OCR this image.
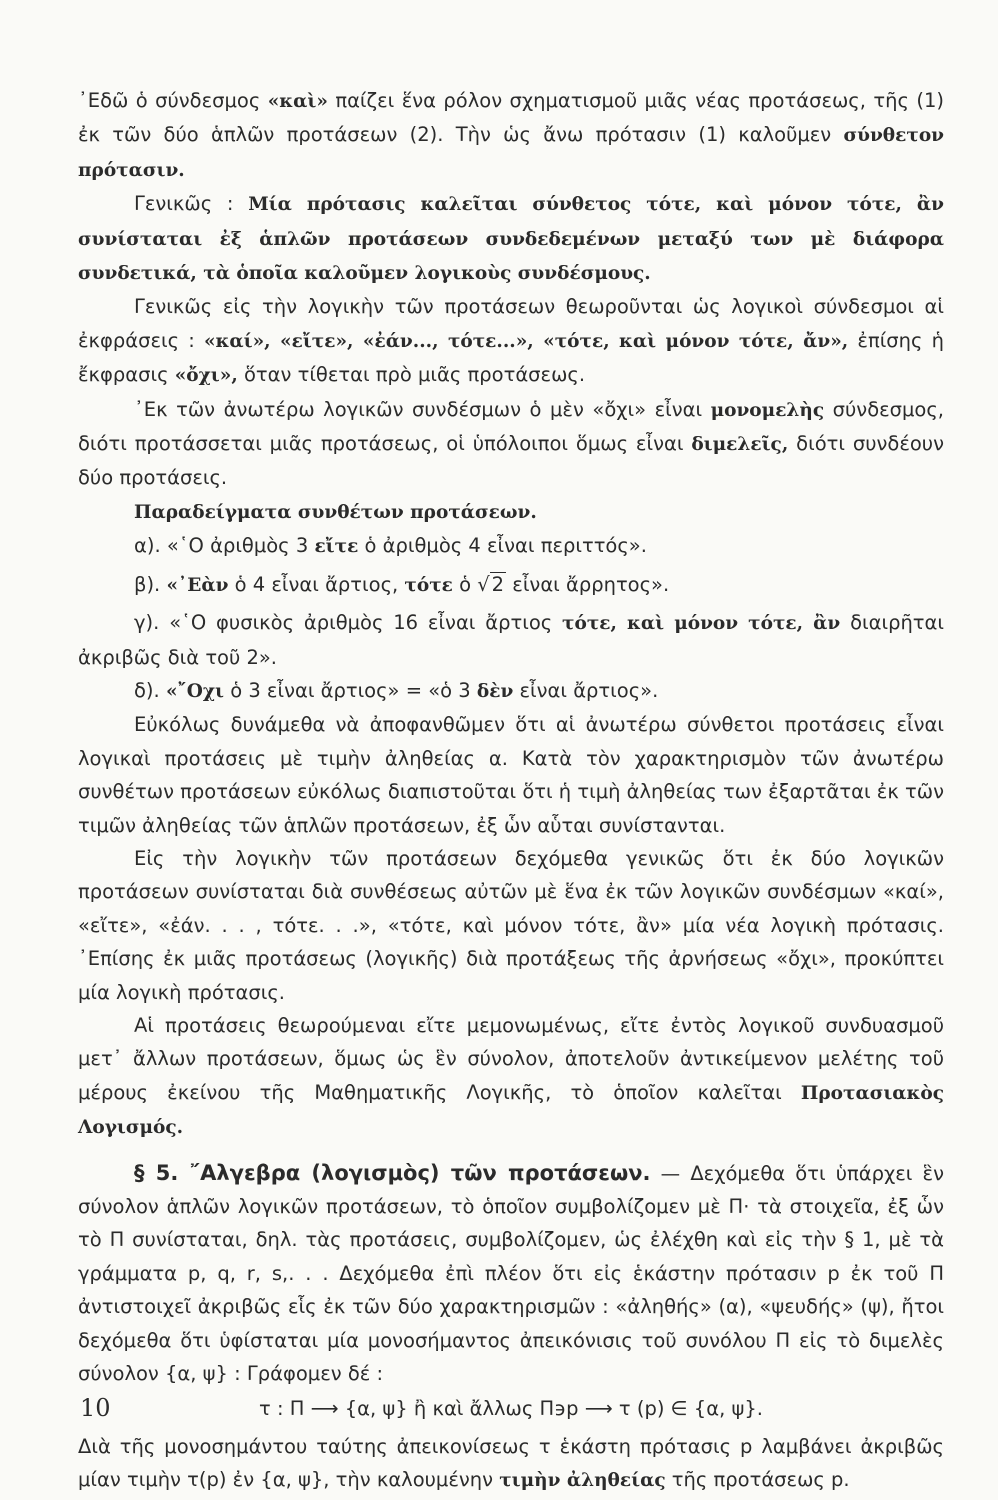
᾿Εδῶ ὁ σύνδεσμος «καὶ» παίζει ἕνα ρόλον σχηματισμοῦ μιᾶς νέας προτάσεως, τῆς (1) ἐκ τῶν δύο ἁπλῶν προτάσεων (2). Τὴν ὡς ἄνω πρότασιν (1) καλοῦμεν σύνθετον πρότασιν.

Γενικῶς : Μία πρότασις καλεῖται σύνθετος τότε, καὶ μόνον τότε, ἂν συνίσταται ἐξ ἁπλῶν προτάσεων συνδεδεμένων μεταξύ των μὲ διάφορα συνδετικά, τὰ ὁποῖα καλοῦμεν λογικοὺς συνδέσμους.

Γενικῶς εἰς τὴν λογικὴν τῶν προτάσεων θεωροῦνται ὡς λογικοὶ σύνδεσμοι αἱ ἐκφράσεις : «καί», «εἴτε», «ἐάν..., τότε...», «τότε, καὶ μόνον τότε, ἄν», ἐπίσης ἡ ἔκφρασις «ὄχι», ὅταν τίθεται πρὸ μιᾶς προτάσεως.

᾿Εκ τῶν ἀνωτέρω λογικῶν συνδέσμων ὁ μὲν «ὄχι» εἶναι μονομελὴς σύνδεσμος, διότι προτάσσεται μιᾶς προτάσεως, οἱ ὑπόλοιποι ὅμως εἶναι διμελεῖς, διότι συνδέουν δύο προτάσεις.

Παραδείγματα συνθέτων προτάσεων.

α). «῾Ο ἀριθμὸς 3 εἴτε ὁ ἀριθμὸς 4 εἶναι περιττός».

β). «᾿Εὰν ὁ 4 εἶναι ἄρτιος, τότε ὁ √ 2 εἶναι ἄρρητος».

γ). «῾Ο φυσικὸς ἀριθμὸς 16 εἶναι ἄρτιος τότε, καὶ μόνον τότε, ἂν διαιρῆται ἀκριβῶς διὰ τοῦ 2».

δ). «῎Οχι ὁ 3 εἶναι ἄρτιος» = «ὁ 3 δὲν εἶναι ἄρτιος».

Εὐκόλως δυνάμεθα νὰ ἀποφανθῶμεν ὅτι αἱ ἀνωτέρω σύνθετοι προτάσεις εἶναι λογικαὶ προτάσεις μὲ τιμὴν ἀληθείας α. Κατὰ τὸν χαρακτηρισμὸν τῶν ἀνωτέρω συνθέτων προτάσεων εὐκόλως διαπιστοῦται ὅτι ἡ τιμὴ ἀληθείας των ἐξαρτᾶται ἐκ τῶν τιμῶν ἀληθείας τῶν ἁπλῶν προτάσεων, ἐξ ὧν αὗται συνίστανται.

Εἰς τὴν λογικὴν τῶν προτάσεων δεχόμεθα γενικῶς ὅτι ἐκ δύο λογικῶν προτάσεων συνίσταται διὰ συνθέσεως αὐτῶν μὲ ἕνα ἐκ τῶν λογικῶν συνδέσμων «καί», «εἴτε», «ἐάν. . . , τότε. . .», «τότε, καὶ μόνον τότε, ἂν» μία νέα λογικὴ πρότασις. ᾿Επίσης ἐκ μιᾶς προτάσεως (λογικῆς) διὰ προτάξεως τῆς ἀρνήσεως «ὄχι», προκύπτει μία λογικὴ πρότασις.

Αἱ προτάσεις θεωρούμεναι εἴτε μεμονωμένως, εἴτε ἐντὸς λογικοῦ συνδυασμοῦ μετ᾿ ἄλλων προτάσεων, ὅμως ὡς ἓν σύνολον, ἀποτελοῦν ἀντικείμενον μελέτης τοῦ μέρους ἐκείνου τῆς Μαθηματικῆς Λογικῆς, τὸ ὁποῖον καλεῖται Προτασιακὸς Λογισμός.

§ 5. ῎Αλγεβρα (λογισμὸς) τῶν προτάσεων. — Δεχόμεθα ὅτι ὑπάρχει ἓν σύνολον ἁπλῶν λογικῶν προτάσεων, τὸ ὁποῖον συμβολίζομεν μὲ Π· τὰ στοιχεῖα, ἐξ ὧν τὸ Π συνίσταται, δηλ. τὰς προτάσεις, συμβολίζομεν, ὡς ἐλέχθη καὶ εἰς τὴν § 1, μὲ τὰ γράμματα p, q, r, s,. . . Δεχόμεθα ἐπὶ πλέον ὅτι εἰς ἑκάστην πρότασιν p ἐκ τοῦ Π ἀντιστοιχεῖ ἀκριβῶς εἷς ἐκ τῶν δύο χαρακτηρισμῶν : «ἀληθής» (α), «ψευδής» (ψ), ἤτοι δεχόμεθα ὅτι ὑφίσταται μία μονοσήμαντος ἀπεικόνισις τοῦ συνόλου Π εἰς τὸ διμελὲς σύνολον {α, ψ} : Γράφομεν δέ :

τ : Π ⟶ {α, ψ} ἢ καὶ ἄλλως Π϶p ⟶ τ (p) ∈ {α, ψ}.

Διὰ τῆς μονοσημάντου ταύτης ἀπεικονίσεως τ ἑκάστη πρότασις p λαμβάνει ἀκριβῶς μίαν τιμὴν τ(p) ἐν {α, ψ}, τὴν καλουμένην τιμὴν ἀληθείας τῆς προτάσεως p.

10
